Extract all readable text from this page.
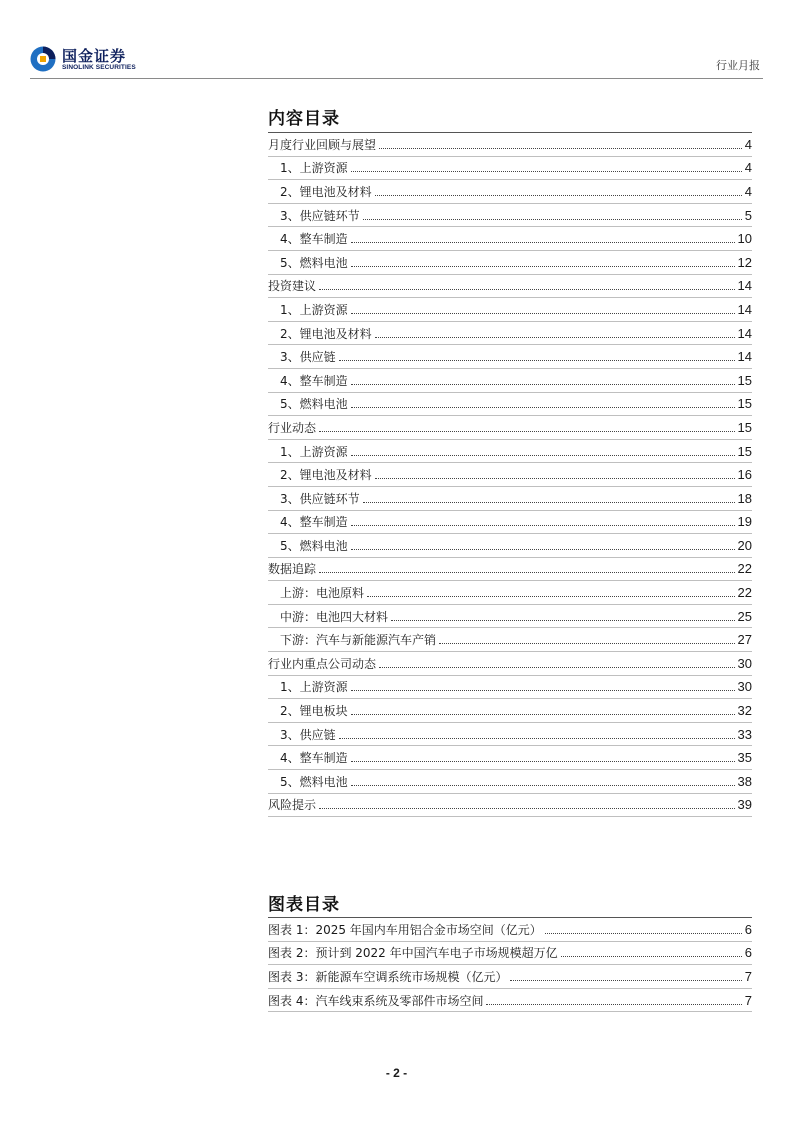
国金证券
SINOLINK SECURITIES	行业月报
内容目录
月度行业回顾与展望	4
1、上游资源	4
2、锂电池及材料	4
3、供应链环节	5
4、整车制造	10
5、燃料电池	12
投资建议	14
1、上游资源	14
2、锂电池及材料	14
3、供应链	14
4、整车制造	15
5、燃料电池	15
行业动态	15
1、上游资源	15
2、锂电池及材料	16
3、供应链环节	18
4、整车制造	19
5、燃料电池	20
数据追踪	22
上游：电池原料	22
中游：电池四大材料	25
下游：汽车与新能源汽车产销	27
行业内重点公司动态	30
1、上游资源	30
2、锂电板块	32
3、供应链	33
4、整车制造	35
5、燃料电池	38
风险提示	39
图表目录
图表 1：2025 年国内车用铝合金市场空间（亿元）	6
图表 2：预计到 2022 年中国汽车电子市场规模超万亿	6
图表 3：新能源车空调系统市场规模（亿元）	7
图表 4：汽车线束系统及零部件市场空间	7
- 2 -
